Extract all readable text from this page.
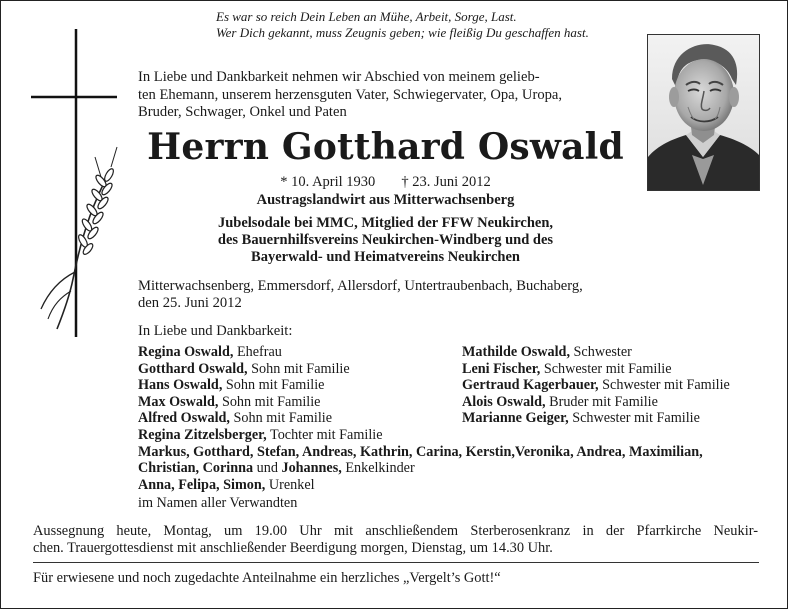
Es war so reich Dein Leben an Mühe, Arbeit, Sorge, Last.
Wer Dich gekannt, muss Zeugnis geben; wie fleißig Du geschaffen hast.
In Liebe und Dankbarkeit nehmen wir Abschied von meinem gelieb-
ten Ehemann, unserem herzensguten Vater, Schwiegervater, Opa, Uropa,
Bruder, Schwager, Onkel und Paten
Herrn Gotthard Oswald
* 10. April 1930 † 23. Juni 2012
Austragslandwirt aus Mitterwachsenberg
Jubelsodale bei MMC, Mitglied der FFW Neukirchen,
des Bauernhilfsvereins Neukirchen-Windberg und des
Bayerwald- und Heimatvereins Neukirchen
Mitterwachsenberg, Emmersdorf, Allersdorf, Untertraubenbach, Buchaberg,
den 25. Juni 2012
In Liebe und Dankbarkeit:
Regina Oswald, Ehefrau
Gotthard Oswald, Sohn mit Familie
Hans Oswald, Sohn mit Familie
Max Oswald, Sohn mit Familie
Alfred Oswald, Sohn mit Familie
Mathilde Oswald, Schwester
Leni Fischer, Schwester mit Familie
Gertraud Kagerbauer, Schwester mit Familie
Alois Oswald, Bruder mit Familie
Marianne Geiger, Schwester mit Familie
Regina Zitzelsberger, Tochter mit Familie
Markus, Gotthard, Stefan, Andreas, Kathrin, Carina, Kerstin,Veronika, Andrea, Maximilian,
Christian, Corinna und Johannes, Enkelkinder
Anna, Felipa, Simon, Urenkel
im Namen aller Verwandten
Aussegnung heute, Montag, um 19.00 Uhr mit anschließendem Sterberosenkranz in der Pfarrkirche Neukir-
chen. Trauergottesdienst mit anschließender Beerdigung morgen, Dienstag, um 14.30 Uhr.
Für erwiesene und noch zugedachte Anteilnahme ein herzliches „Vergelt’s Gott!“
